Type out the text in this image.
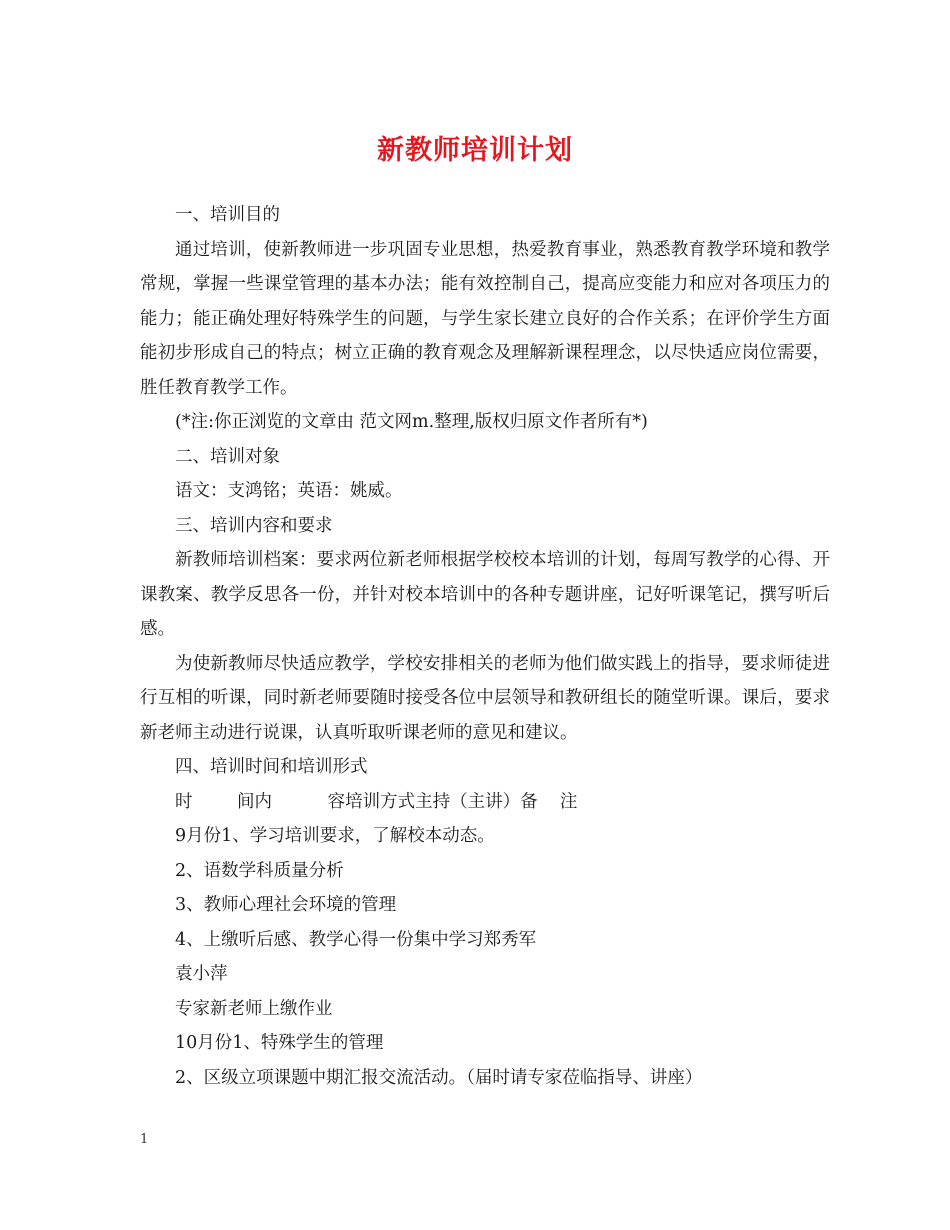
新教师培训计划

一、培训目的

通过培训，使新教师进一步巩固专业思想，热爱教育事业，熟悉教育教学环境和教学常规，掌握一些课堂管理的基本办法；能有效控制自己，提高应变能力和应对各项压力的能力；能正确处理好特殊学生的问题，与学生家长建立良好的合作关系；在评价学生方面能初步形成自己的特点；树立正确的教育观念及理解新课程理念，以尽快适应岗位需要，胜任教育教学工作。

(*注:你正浏览的文章由 范文网m.整理,版权归原文作者所有*)

二、培训对象

语文：支鸿铭；英语：姚威。

三、培训内容和要求

新教师培训档案：要求两位新老师根据学校校本培训的计划，每周写教学的心得、开课教案、教学反思各一份，并针对校本培训中的各种专题讲座，记好听课笔记，撰写听后感。

为使新教师尽快适应教学，学校安排相关的老师为他们做实践上的指导，要求师徒进行互相的听课，同时新老师要随时接受各位中层领导和教研组长的随堂听课。课后，要求新老师主动进行说课，认真听取听课老师的意见和建议。

四、培训时间和培训形式

时        间内          容培训方式主持（主讲）备    注

9月份1、学习培训要求，了解校本动态。

2、语数学科质量分析

3、教师心理社会环境的管理

4、上缴听后感、教学心得一份集中学习郑秀军

袁小萍

专家新老师上缴作业

10月份1、特殊学生的管理

2、区级立项课题中期汇报交流活动。（届时请专家莅临指导、讲座）

1
